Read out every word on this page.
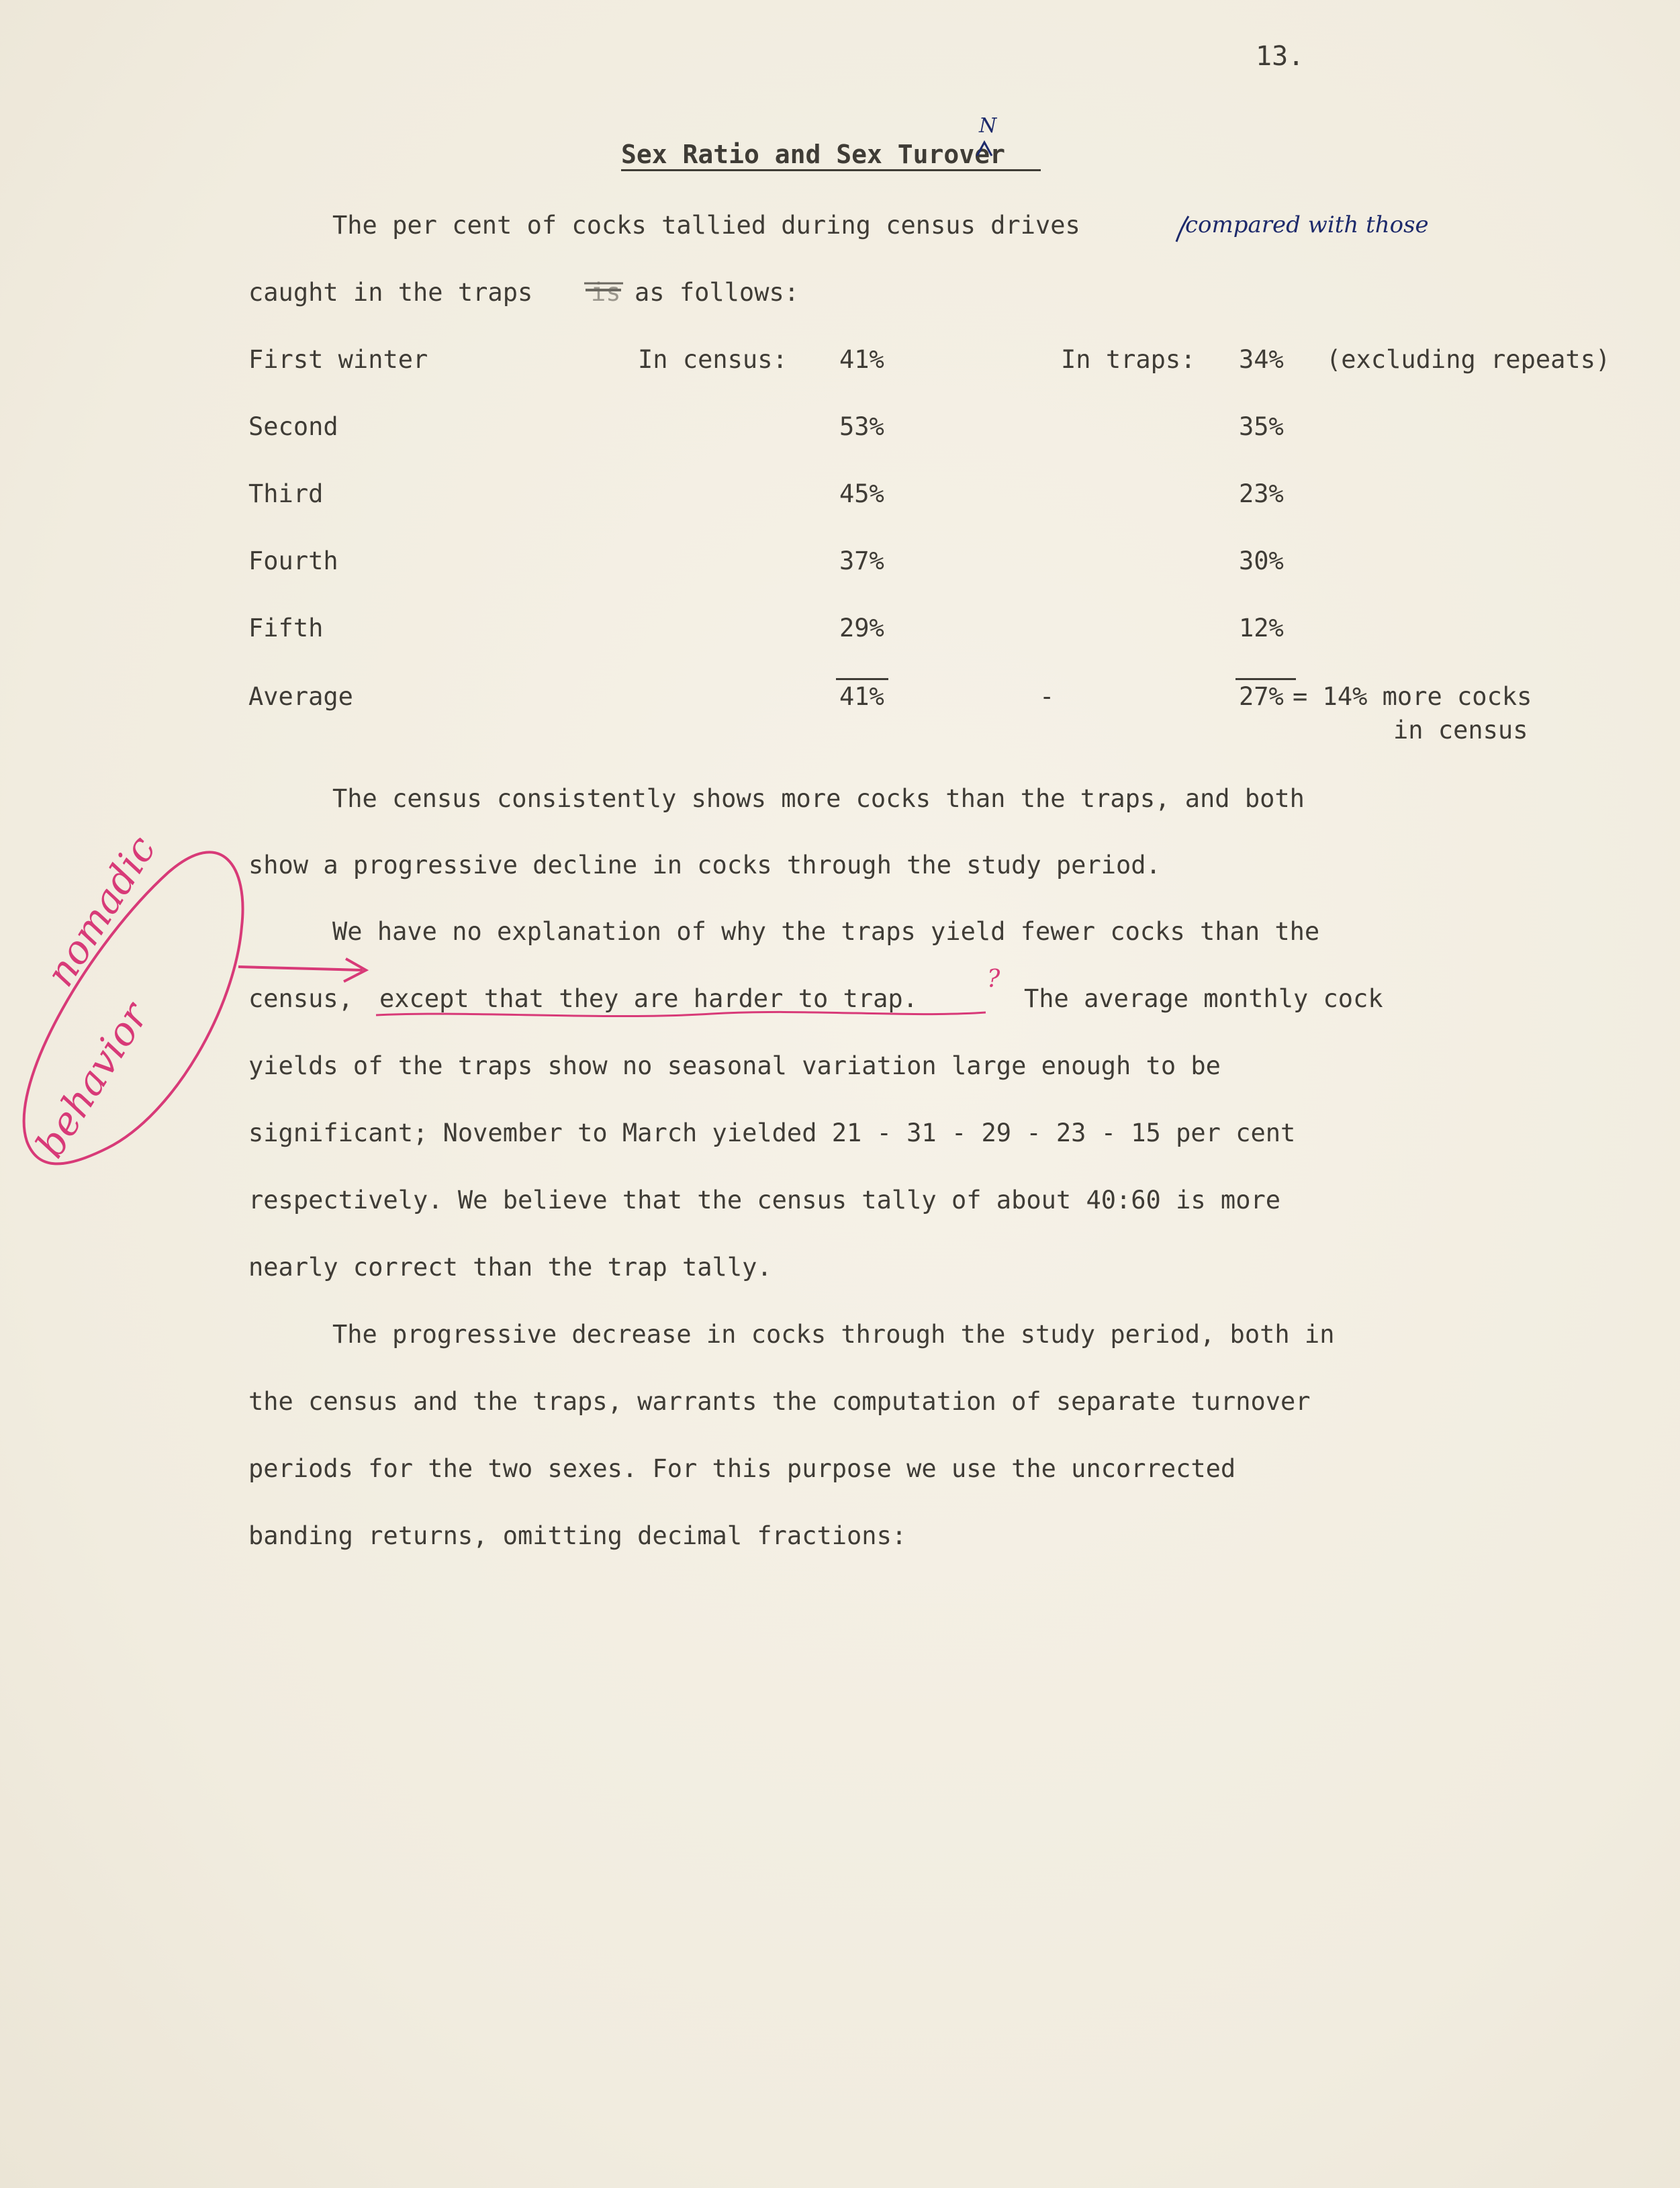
13.
Sex Ratio and Sex Turover
N
The per cent of cocks tallied during census drives	compared with those
caught in the traps is as follows:
First winter	In census: 41%	In traps: 34% (excluding repeats)
Second	53%	35%
Third	45%	23%
Fourth	37%	30%
Fifth	29%	12%
Average	41%	-	27% = 14% more cocks
in census
The census consistently shows more cocks than the traps, and both
show a progressive decline in cocks through the study period.
We have no explanation of why the traps yield fewer cocks than the
census, except that they are harder to trap.
?
The average monthly cock
yields of the traps show no seasonal variation large enough to be
significant; November to March yielded 21 - 31 - 29 - 23 - 15 per cent
respectively. We believe that the census tally of about 40:60 is more
nearly correct than the trap tally.
The progressive decrease in cocks through the study period, both in
the census and the traps, warrants the computation of separate turnover
periods for the two sexes. For this purpose we use the uncorrected
banding returns, omitting decimal fractions:
nomadic
behavior
